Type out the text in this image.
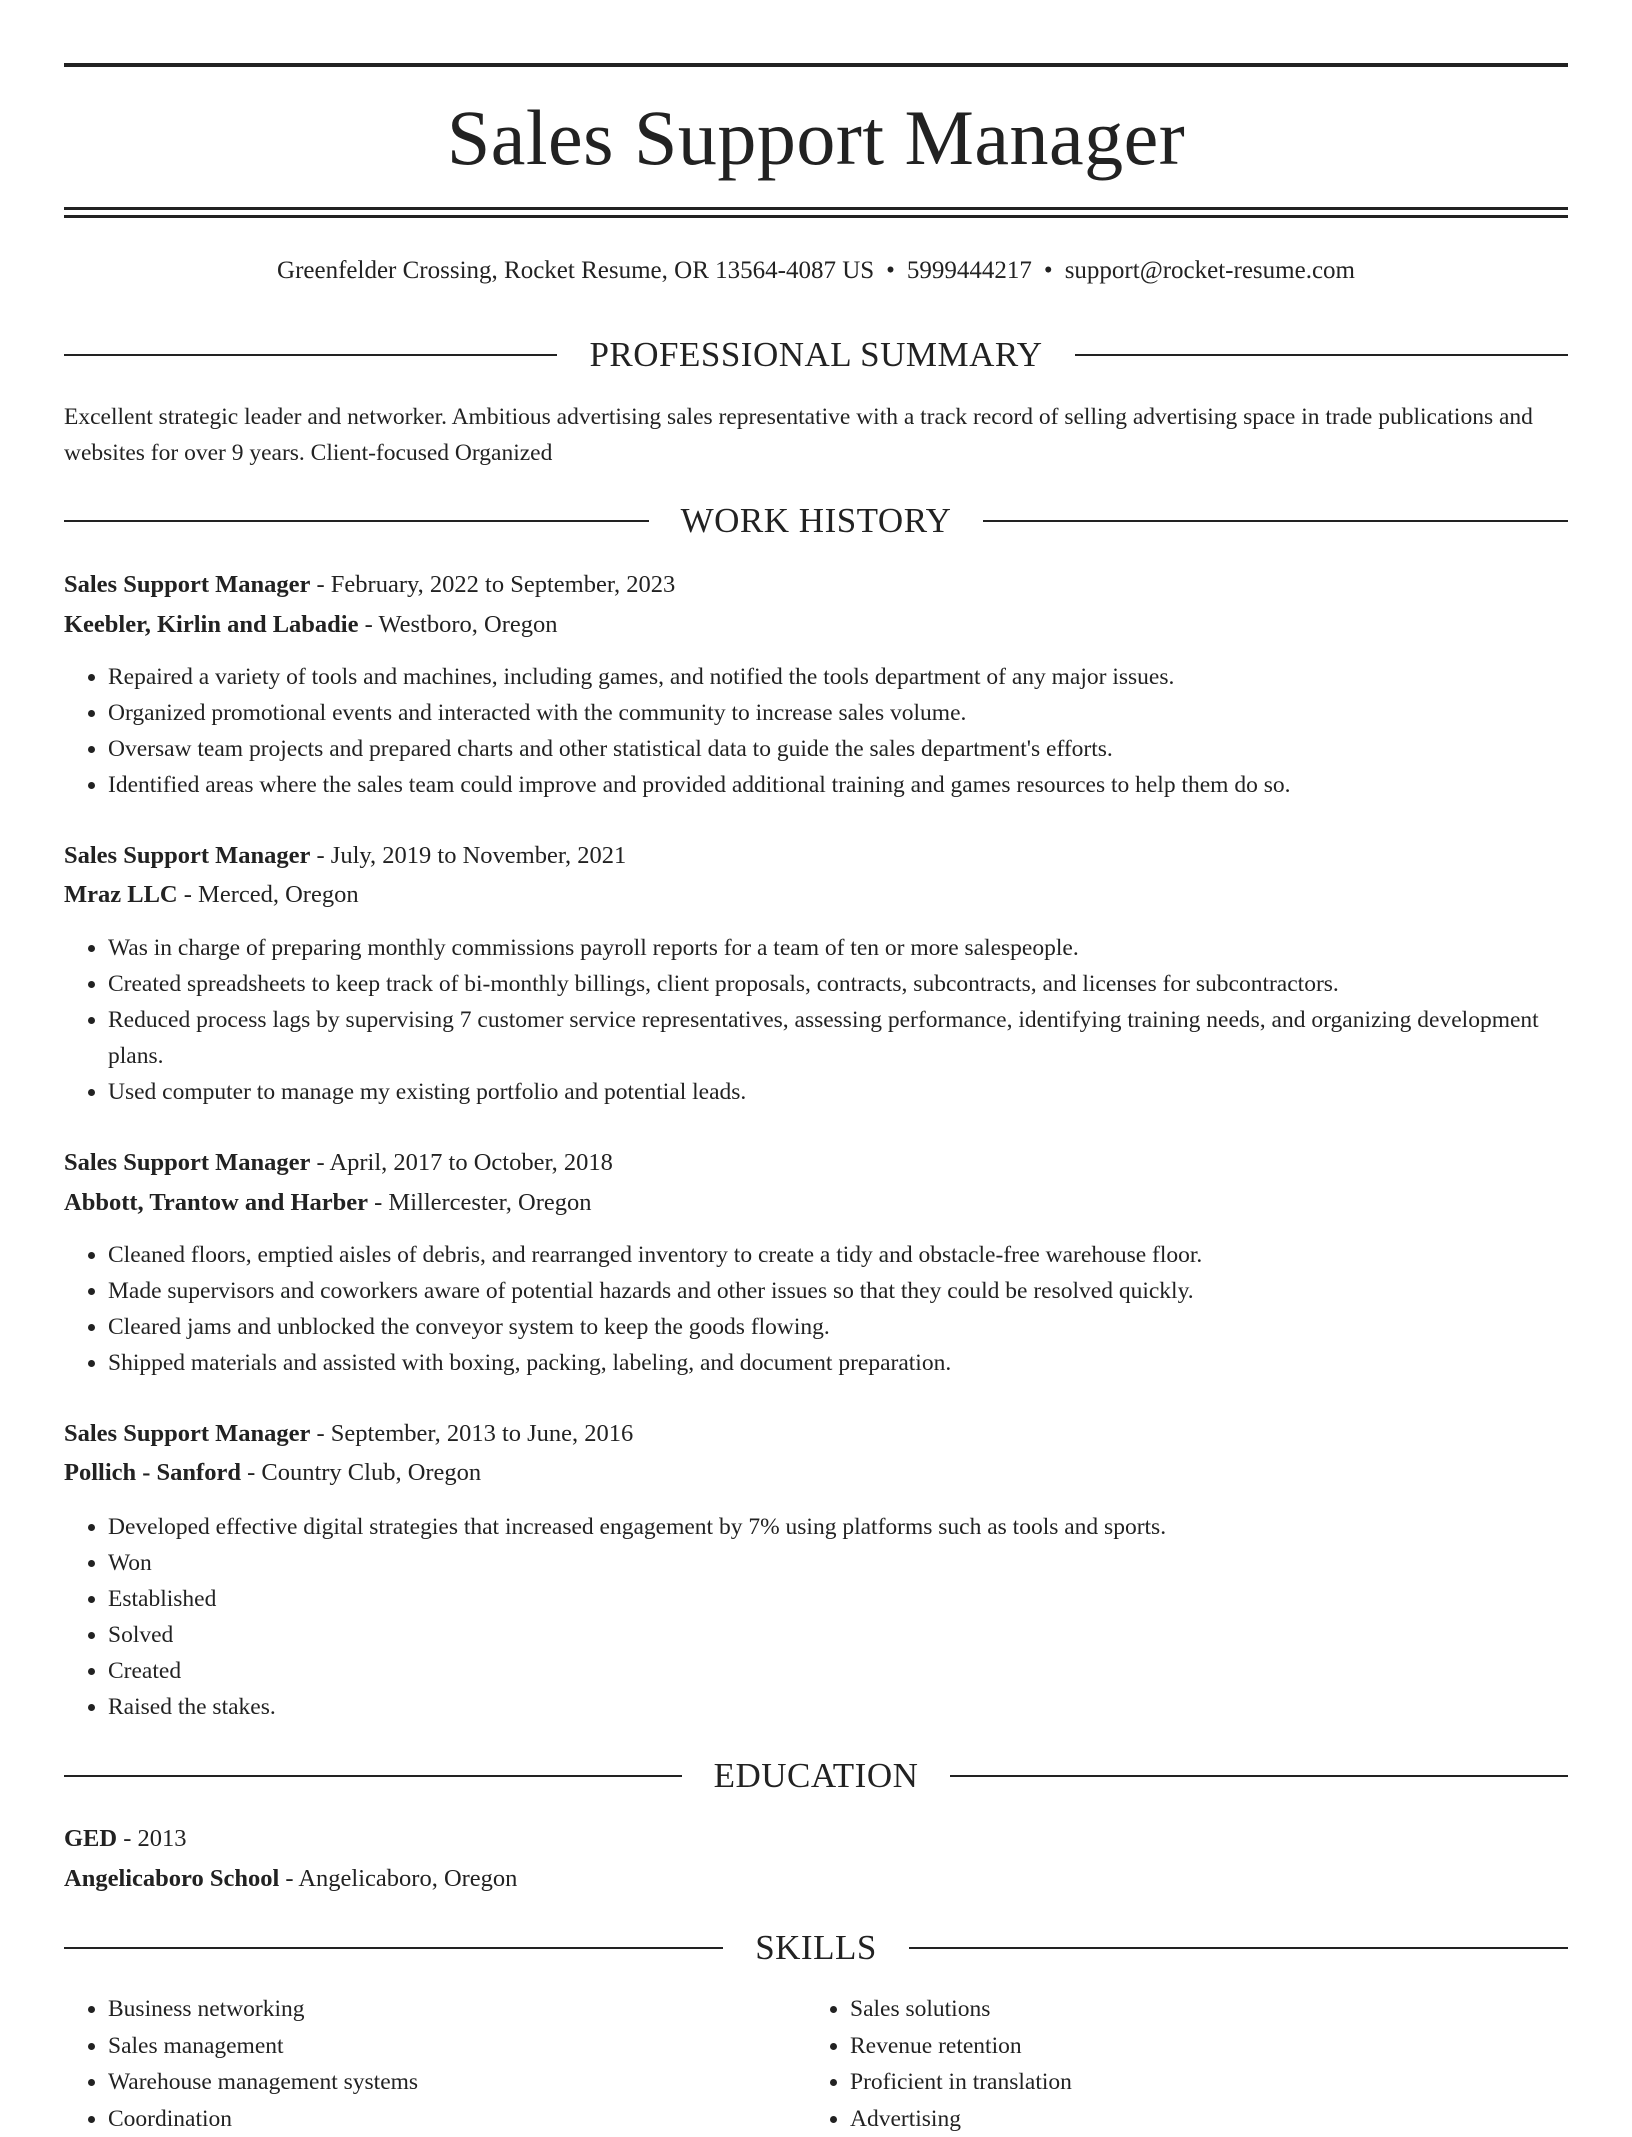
Sales Support Manager
Greenfelder Crossing, Rocket Resume, OR 13564-4087 US • 5999444217 • support@rocket-resume.com
PROFESSIONAL SUMMARY
Excellent strategic leader and networker. Ambitious advertising sales representative with a track record of selling advertising space in trade publications and websites for over 9 years. Client-focused Organized
WORK HISTORY
Sales Support Manager - February, 2022 to September, 2023
Keebler, Kirlin and Labadie - Westboro, Oregon
• Repaired a variety of tools and machines, including games, and notified the tools department of any major issues.
• Organized promotional events and interacted with the community to increase sales volume.
• Oversaw team projects and prepared charts and other statistical data to guide the sales department's efforts.
• Identified areas where the sales team could improve and provided additional training and games resources to help them do so.
Sales Support Manager - July, 2019 to November, 2021
Mraz LLC - Merced, Oregon
• Was in charge of preparing monthly commissions payroll reports for a team of ten or more salespeople.
• Created spreadsheets to keep track of bi-monthly billings, client proposals, contracts, subcontracts, and licenses for subcontractors.
• Reduced process lags by supervising 7 customer service representatives, assessing performance, identifying training needs, and organizing development plans.
• Used computer to manage my existing portfolio and potential leads.
Sales Support Manager - April, 2017 to October, 2018
Abbott, Trantow and Harber - Millercester, Oregon
• Cleaned floors, emptied aisles of debris, and rearranged inventory to create a tidy and obstacle-free warehouse floor.
• Made supervisors and coworkers aware of potential hazards and other issues so that they could be resolved quickly.
• Cleared jams and unblocked the conveyor system to keep the goods flowing.
• Shipped materials and assisted with boxing, packing, labeling, and document preparation.
Sales Support Manager - September, 2013 to June, 2016
Pollich - Sanford - Country Club, Oregon
• Developed effective digital strategies that increased engagement by 7% using platforms such as tools and sports.
• Won
• Established
• Solved
• Created
• Raised the stakes.
EDUCATION
GED - 2013
Angelicaboro School - Angelicaboro, Oregon
SKILLS
• Business networking
• Sales management
• Warehouse management systems
• Coordination
• Sales solutions
• Revenue retention
• Proficient in translation
• Advertising
